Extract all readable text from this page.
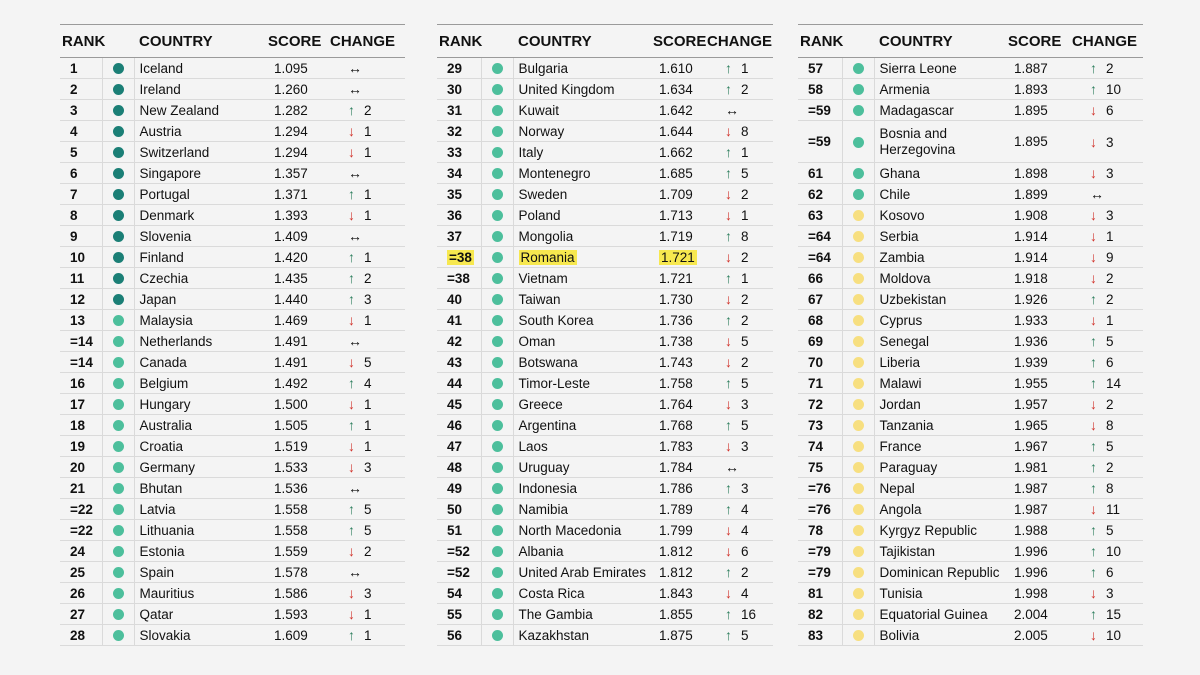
RANK		COUNTRY	SCORE	CHANGE
1		Iceland	1.095	↔
2		Ireland	1.260	↔
3		New Zealand	1.282	↑ 2
4		Austria	1.294	↓ 1
5		Switzerland	1.294	↓ 1
6		Singapore	1.357	↔
7		Portugal	1.371	↑ 1
8		Denmark	1.393	↓ 1
9		Slovenia	1.409	↔
10		Finland	1.420	↑ 1
11		Czechia	1.435	↑ 2
12		Japan	1.440	↑ 3
13		Malaysia	1.469	↓ 1
=14		Netherlands	1.491	↔
=14		Canada	1.491	↓ 5
16		Belgium	1.492	↑ 4
17		Hungary	1.500	↓ 1
18		Australia	1.505	↑ 1
19		Croatia	1.519	↓ 1
20		Germany	1.533	↓ 3
21		Bhutan	1.536	↔
=22		Latvia	1.558	↑ 5
=22		Lithuania	1.558	↑ 5
24		Estonia	1.559	↓ 2
25		Spain	1.578	↔
26		Mauritius	1.586	↓ 3
27		Qatar	1.593	↓ 1
28		Slovakia	1.609	↑ 1
RANK		COUNTRY	SCORE	CHANGE
29		Bulgaria	1.610	↑ 1
30		United Kingdom	1.634	↑ 2
31		Kuwait	1.642	↔
32		Norway	1.644	↓ 8
33		Italy	1.662	↑ 1
34		Montenegro	1.685	↑ 5
35		Sweden	1.709	↓ 2
36		Poland	1.713	↓ 1
37		Mongolia	1.719	↑ 8
=38		Romania	1.721	↓ 2
=38		Vietnam	1.721	↑ 1
40		Taiwan	1.730	↓ 2
41		South Korea	1.736	↑ 2
42		Oman	1.738	↓ 5
43		Botswana	1.743	↓ 2
44		Timor-Leste	1.758	↑ 5
45		Greece	1.764	↓ 3
46		Argentina	1.768	↑ 5
47		Laos	1.783	↓ 3
48		Uruguay	1.784	↔
49		Indonesia	1.786	↑ 3
50		Namibia	1.789	↑ 4
51		North Macedonia	1.799	↓ 4
=52		Albania	1.812	↓ 6
=52		United Arab Emirates	1.812	↑ 2
54		Costa Rica	1.843	↓ 4
55		The Gambia	1.855	↑ 16
56		Kazakhstan	1.875	↑ 5
RANK		COUNTRY	SCORE	CHANGE
57		Sierra Leone	1.887	↑ 2
58		Armenia	1.893	↑ 10
=59		Madagascar	1.895	↓ 6
=59		Bosnia and Herzegovina	1.895	↓ 3
61		Ghana	1.898	↓ 3
62		Chile	1.899	↔
63		Kosovo	1.908	↓ 3
=64		Serbia	1.914	↓ 1
=64		Zambia	1.914	↓ 9
66		Moldova	1.918	↓ 2
67		Uzbekistan	1.926	↑ 2
68		Cyprus	1.933	↓ 1
69		Senegal	1.936	↑ 5
70		Liberia	1.939	↑ 6
71		Malawi	1.955	↑ 14
72		Jordan	1.957	↓ 2
73		Tanzania	1.965	↓ 8
74		France	1.967	↑ 5
75		Paraguay	1.981	↑ 2
=76		Nepal	1.987	↑ 8
=76		Angola	1.987	↓ 11
78		Kyrgyz Republic	1.988	↑ 5
=79		Tajikistan	1.996	↑ 10
=79		Dominican Republic	1.996	↑ 6
81		Tunisia	1.998	↓ 3
82		Equatorial Guinea	2.004	↑ 15
83		Bolivia	2.005	↓ 10
